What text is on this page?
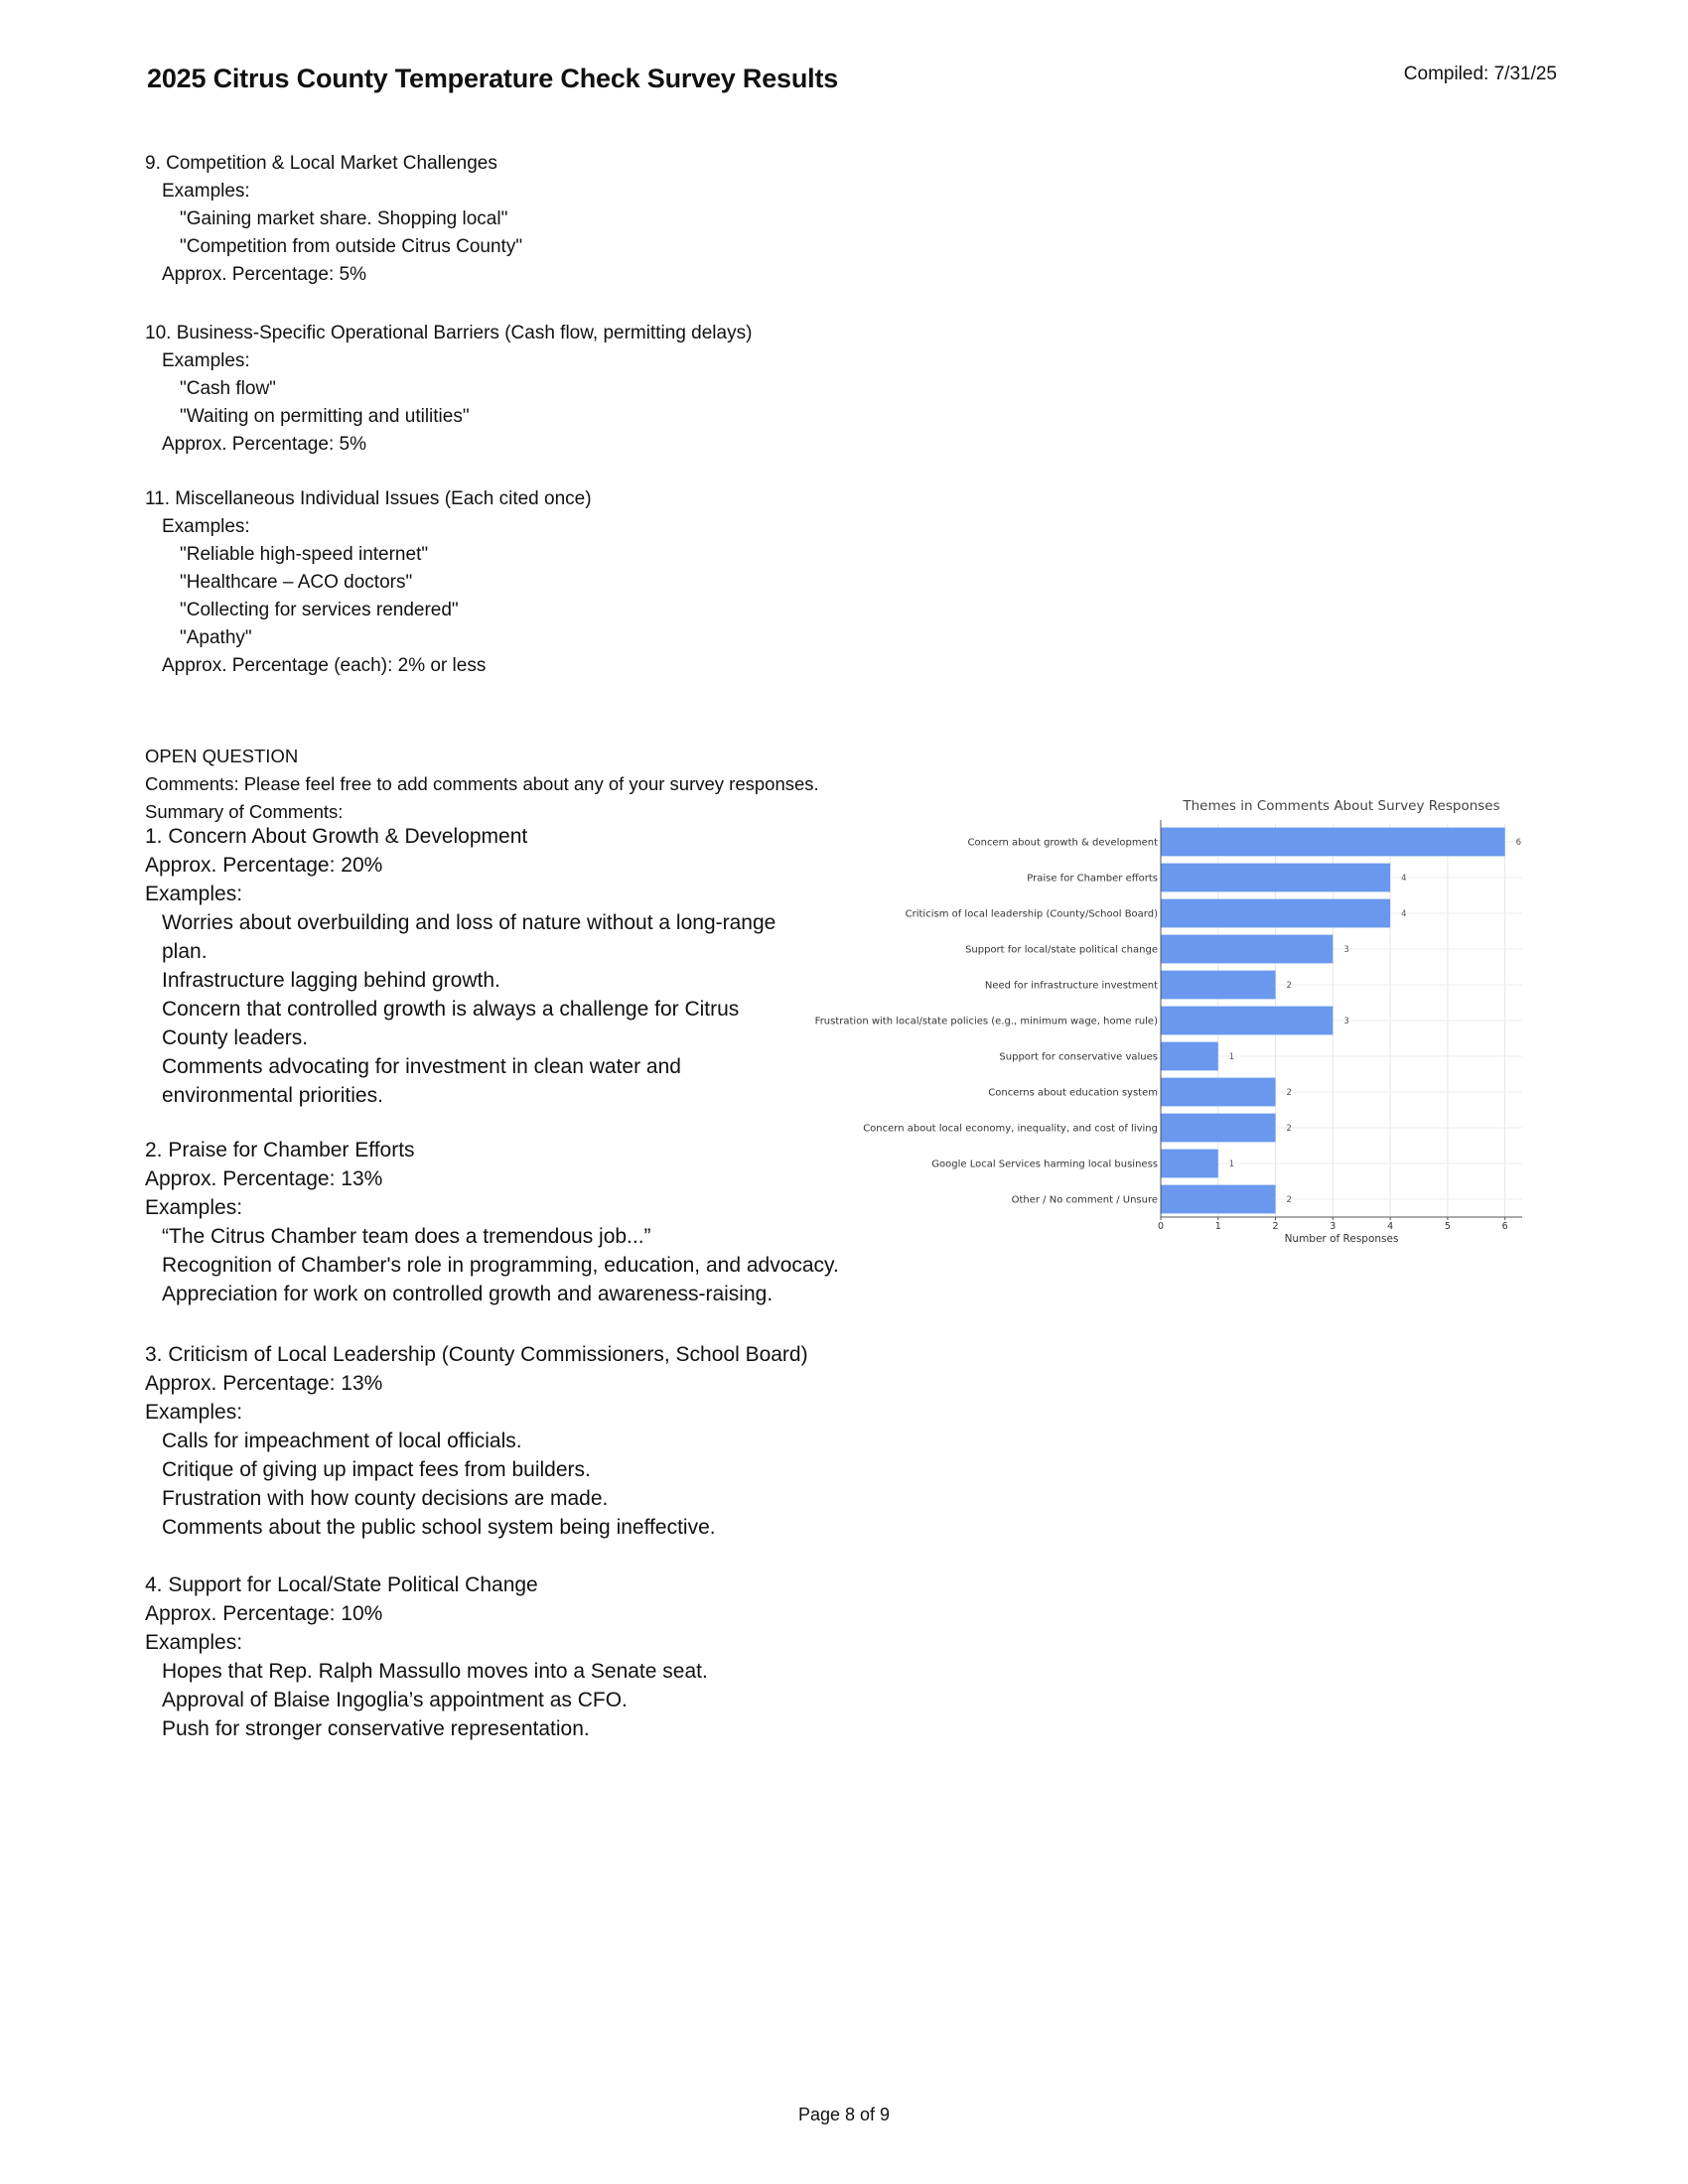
2025 Citrus County Temperature Check Survey Results	Compiled: 7/31/25
9. Competition & Local Market Challenges
Examples:
"Gaining market share. Shopping local"
"Competition from outside Citrus County"
Approx. Percentage: 5%
10. Business-Specific Operational Barriers (Cash flow, permitting delays)
Examples:
"Cash flow"
"Waiting on permitting and utilities"
Approx. Percentage: 5%
11. Miscellaneous Individual Issues (Each cited once)
Examples:
"Reliable high-speed internet"
"Healthcare – ACO doctors"
"Collecting for services rendered"
"Apathy"
Approx. Percentage (each): 2% or less
OPEN QUESTION
Comments: Please feel free to add comments about any of your survey responses.
Summary of Comments:
1. Concern About Growth & Development
Approx. Percentage: 20%
Examples:
Worries about overbuilding and loss of nature without a long-range plan.
Infrastructure lagging behind growth.
Concern that controlled growth is always a challenge for Citrus County leaders.
Comments advocating for investment in clean water and environmental priorities.
2. Praise for Chamber Efforts
Approx. Percentage: 13%
Examples:
“The Citrus Chamber team does a tremendous job...”
Recognition of Chamber's role in programming, education, and advocacy.
Appreciation for work on controlled growth and awareness-raising.
3. Criticism of Local Leadership (County Commissioners, School Board)
Approx. Percentage: 13%
Examples:
Calls for impeachment of local officials.
Critique of giving up impact fees from builders.
Frustration with how county decisions are made.
Comments about the public school system being ineffective.
4. Support for Local/State Political Change
Approx. Percentage: 10%
Examples:
Hopes that Rep. Ralph Massullo moves into a Senate seat.
Approval of Blaise Ingoglia’s appointment as CFO.
Push for stronger conservative representation.
Themes in Comments About Survey Responses
Concern about growth & development	6
Praise for Chamber efforts	4
Criticism of local leadership (County/School Board)	4
Support for local/state political change	3
Need for infrastructure investment	2
Frustration with local/state policies (e.g., minimum wage, home rule)	3
Support for conservative values	1
Concerns about education system	2
Concern about local economy, inequality, and cost of living	2
Google Local Services harming local business	1
Other / No comment / Unsure	2
0	1	2	3	4	5	6
Number of Responses
Page 8 of 9
